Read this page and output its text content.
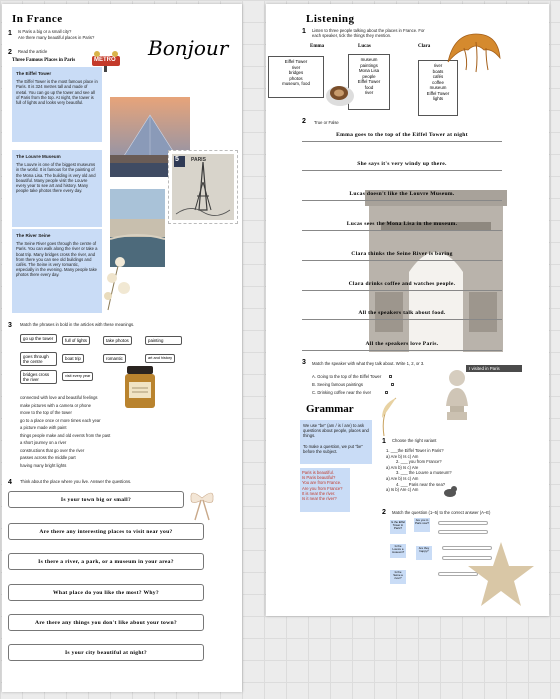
In France
1 Is Paris a big or a small city?
Are there many beautiful places in Paris?	Bonjour
METRO
2 Read the article
Three Famous Places in Paris
The Eiffel Tower
The Eiffel Tower is the most famous place in Paris. It is 324 metres tall and made of metal. You can go up the tower and see all of Paris from the top. At night, the tower is full of lights and looks very beautiful.
The Louvre Museum
The Louvre is one of the biggest museums in the world. It is famous for the painting of the Mona Lisa. The building is very old and beautiful. Many people visit the Louvre every year to see art and history. Many people take photos there every day.
5 PARIS
The River Seine
The Seine River goes through the centre of Paris. You can walk along the river or take a boat trip. Many bridges cross the river, and from there you can see old buildings and cafés. The Seine is very romantic, especially in the evening. Many people take photos there every day.
3 Match the phrases in bold in the articles with these meanings.
go up the tower	full of lights	take photos	painting
goes through the centre
boat trip	romantic	art and history
bridges cross the river
visit every year
connected with love and beautiful feelings
make pictures with a camera or phone
move to the top of the tower
go to a place once or more times each year
a picture made with paint
things people make and old events from the past
a short journey on a river
constructions that go over the river
passes across the middle part
having many bright lights
4 Think about the place where you live. Answer the questions.
Is your town big or small?
Are there any interesting places to visit near you?
Is there a river, a park, or a museum in your area?
What place do you like the most? Why?
Are there any things you don't like about your town?
Is your city beautiful at night?
Listening
1 Listen to three people talking about the places in France. For each speaker, tick the things they mention.
Emma	Lucas	Clara
Eiffel Tower
river
bridges
photos
museum, food
museum
paintings
Mona Lisa
people
Eiffel Tower
food
river
river
boats
cafés
coffee
museum
Eiffel Tower
lights
2 True or False
Emma goes to the top of the Eiffel Tower at night
She says it's very windy up there.
Lucas doesn't like the Louvre Museum.
Lucas sees the Mona Lisa in the museum.
Clara thinks the Seine River is boring
Clara drinks coffee and watches people.
All the speakers talk about food.
All the speakers love Paris.
3 Match the speaker with what they talk about. Write 1, 2, or 3.
A. Going to the top of the Eiffel Tower
B. Seeing famous paintings
C. Drinking coffee near the river
I visited in Paris
Grammar
We use "be" (am / is / are) to ask questions about people, places and things.
To make a question, we put "be" before the subject.
Paris is beautiful.
Is Paris beautiful?
You are from France.
Are you from France?
It is near the river.
Is it near the river?
1 Choose the right variant
1. ___the Eiffel Tower in Paris?
a) Are b) Is c) Am
2. ___ you from France?
a) Am b) Is c) Are
3. ___ the Louvre a museum?
a) Are b) Is c) Am
4. ___ Paris near the sea?
a) Is b) Are c) Am
2 Match the question (1–5) to the correct answer (A–E)
Is the Eiffel Tower in Paris?
Are you in Paris now?
Is the Louvre a museum?
Are they happy?
Is the Seine a river?
